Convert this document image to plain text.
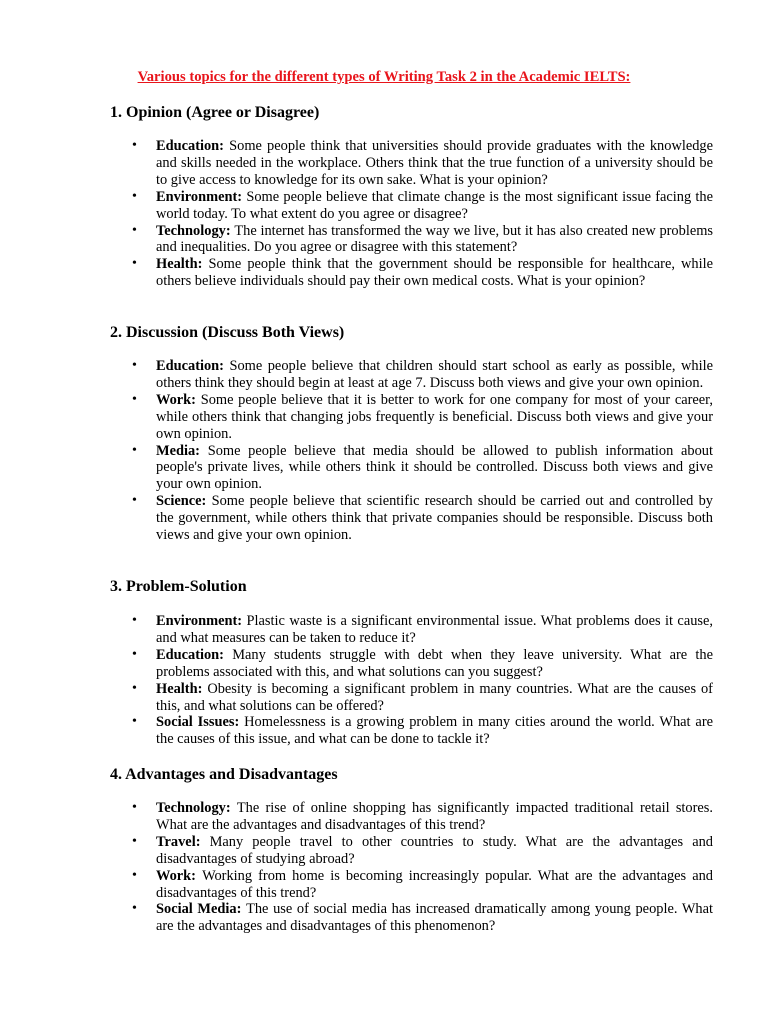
Various topics for the different types of Writing Task 2 in the Academic IELTS:
1. Opinion (Agree or Disagree)
• Education: Some people think that universities should provide graduates with the knowledge and skills needed in the workplace. Others think that the true function of a university should be to give access to knowledge for its own sake. What is your opinion?
• Environment: Some people believe that climate change is the most significant issue facing the world today. To what extent do you agree or disagree?
• Technology: The internet has transformed the way we live, but it has also created new problems and inequalities. Do you agree or disagree with this statement?
• Health: Some people think that the government should be responsible for healthcare, while others believe individuals should pay their own medical costs. What is your opinion?
2. Discussion (Discuss Both Views)
• Education: Some people believe that children should start school as early as possible, while others think they should begin at least at age 7. Discuss both views and give your own opinion.
• Work: Some people believe that it is better to work for one company for most of your career, while others think that changing jobs frequently is beneficial. Discuss both views and give your own opinion.
• Media: Some people believe that media should be allowed to publish information about people's private lives, while others think it should be controlled. Discuss both views and give your own opinion.
• Science: Some people believe that scientific research should be carried out and controlled by the government, while others think that private companies should be responsible. Discuss both views and give your own opinion.
3. Problem-Solution
• Environment: Plastic waste is a significant environmental issue. What problems does it cause, and what measures can be taken to reduce it?
• Education: Many students struggle with debt when they leave university. What are the problems associated with this, and what solutions can you suggest?
• Health: Obesity is becoming a significant problem in many countries. What are the causes of this, and what solutions can be offered?
• Social Issues: Homelessness is a growing problem in many cities around the world. What are the causes of this issue, and what can be done to tackle it?
4. Advantages and Disadvantages
• Technology: The rise of online shopping has significantly impacted traditional retail stores. What are the advantages and disadvantages of this trend?
• Travel: Many people travel to other countries to study. What are the advantages and disadvantages of studying abroad?
• Work: Working from home is becoming increasingly popular. What are the advantages and disadvantages of this trend?
• Social Media: The use of social media has increased dramatically among young people. What are the advantages and disadvantages of this phenomenon?
